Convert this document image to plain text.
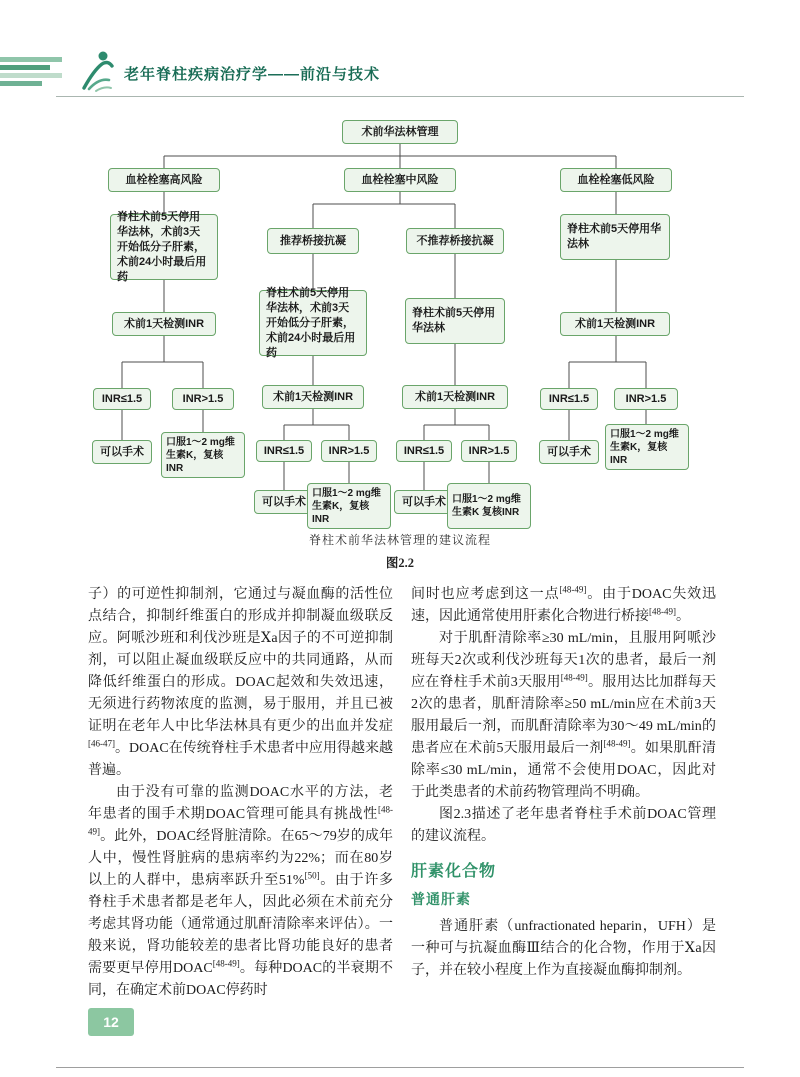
老年脊柱疾病治疗学——前沿与技术
术前华法林管理
血栓栓塞高风险	血栓栓塞中风险	血栓栓塞低风险
脊柱术前5天停用华法林，术前3天开始低分子肝素，术前24小时最后用药
术前1天检测INR
INR≤1.5	INR>1.5
可以手术
口服1～2 mg维生素K，复核INR
推荐桥接抗凝	不推荐桥接抗凝
脊柱术前5天停用华法林，术前3天开始低分子肝素，术前24小时最后用药
脊柱术前5天停用华法林
术前1天检测INR	术前1天检测INR
INR≤1.5	INR>1.5	INR≤1.5	INR>1.5
可以手术
口服1～2 mg维生素K，复核INR
可以手术 口服1～2 mg维生素K 复核INR
脊柱术前5天停用华法林
术前1天检测INR
INR≤1.5	INR>1.5
可以手术
口服1～2 mg维生素K，复核INR
脊柱术前华法林管理的建议流程
图2.2

子）的可逆性抑制剂，它通过与凝血酶的活性位点结合，抑制纤维蛋白的形成并抑制凝血级联反应。阿哌沙班和利伐沙班是Ⅹa因子的不可逆抑制剂，可以阻止凝血级联反应中的共同通路，从而降低纤维蛋白的形成。DOAC起效和失效迅速，无须进行药物浓度的监测，易于服用，并且已被证明在老年人中比华法林具有更少的出血并发症[46-47]。DOAC在传统脊柱手术患者中应用得越来越普遍。

由于没有可靠的监测DOAC水平的方法，老年患者的围手术期DOAC管理可能具有挑战性[48-49]。此外，DOAC经肾脏清除。在65～79岁的成年人中，慢性肾脏病的患病率约为22%；而在80岁以上的人群中，患病率跃升至51%[50]。由于许多脊柱手术患者都是老年人，因此必须在术前充分考虑其肾功能（通常通过肌酐清除率来评估）。一般来说，肾功能较差的患者比肾功能良好的患者需要更早停用DOAC[48-49]。每种DOAC的半衰期不同，在确定术前DOAC停药时

间时也应考虑到这一点[48-49]。由于DOAC失效迅速，因此通常使用肝素化合物进行桥接[48-49]。

对于肌酐清除率≥30 mL/min，且服用阿哌沙班每天2次或利伐沙班每天1次的患者，最后一剂应在脊柱手术前3天服用[48-49]。服用达比加群每天2次的患者，肌酐清除率≥50 mL/min应在术前3天服用最后一剂，而肌酐清除率为30～49 mL/min的患者应在术前5天服用最后一剂[48-49]。如果肌酐清除率≤30 mL/min，通常不会使用DOAC，因此对于此类患者的术前药物管理尚不明确。

图2.3描述了老年患者脊柱手术前DOAC管理的建议流程。

肝素化合物
普通肝素

普通肝素（unfractionated heparin，UFH）是一种可与抗凝血酶Ⅲ结合的化合物，作用于Ⅹa因子，并在较小程度上作为直接凝血酶抑制剂。

12
